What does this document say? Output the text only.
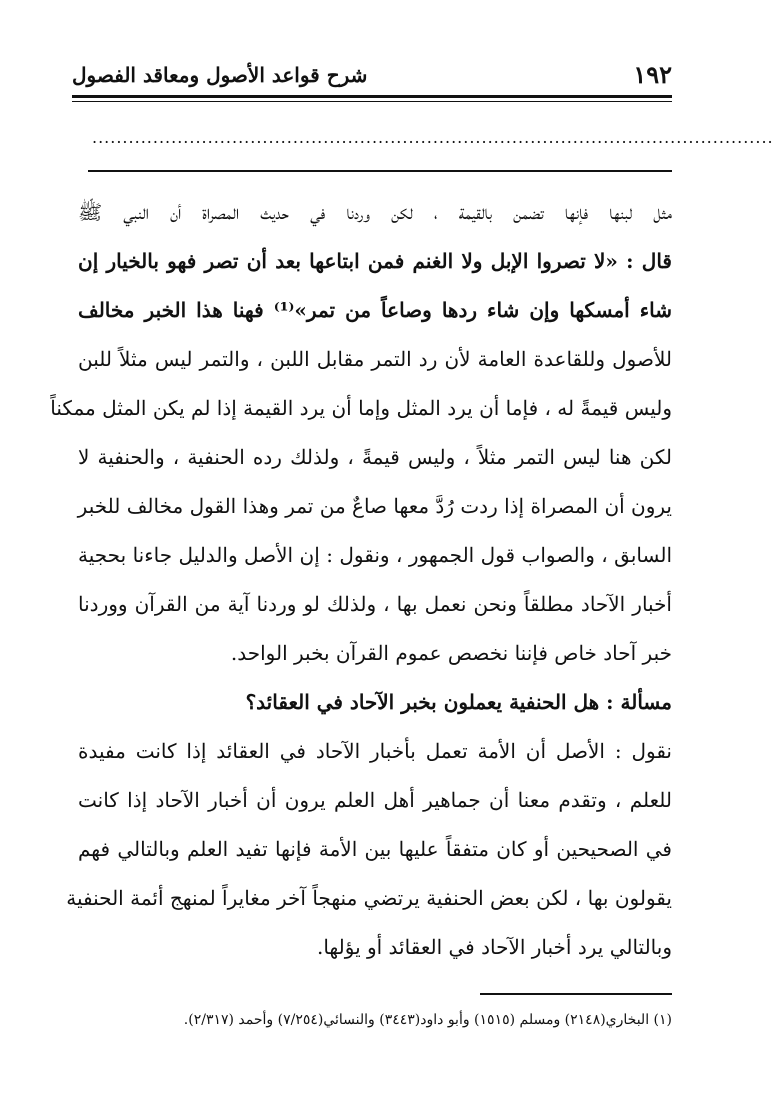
١٩٢
شرح قواعد الأصول ومعاقد الفصول
................................................................................................................
مثل لبنها فإنها تضمن بالقيمة ، لكن وردنا في حديث المصراة أن النبي ﷺ
قال : «لا تصروا الإبل ولا الغنم فمن ابتاعها بعد أن تصر فهو بالخيار إن
شاء أمسكها وإن شاء ردها وصاعاً من تمر»⁽¹⁾ فهنا هذا الخبر مخالف
للأصول وللقاعدة العامة لأن رد التمر مقابل اللبن ، والتمر ليس مثلاً للبن
وليس قيمةً له ، فإما أن يرد المثل وإما أن يرد القيمة إذا لم يكن المثل ممكناً
لكن هنا ليس التمر مثلاً ، وليس قيمةً ، ولذلك رده الحنفية ، والحنفية لا
يرون أن المصراة إذا ردت رُدَّ معها صاعٌ من تمر وهذا القول مخالف للخبر
السابق ، والصواب قول الجمهور ، ونقول : إن الأصل والدليل جاءنا بحجية
أخبار الآحاد مطلقاً ونحن نعمل بها ، ولذلك لو وردنا آية من القرآن ووردنا
خبر آحاد خاص فإننا نخصص عموم القرآن بخبر الواحد.
مسألة : هل الحنفية يعملون بخبر الآحاد في العقائد؟
نقول : الأصل أن الأمة تعمل بأخبار الآحاد في العقائد إذا كانت مفيدة
للعلم ، وتقدم معنا أن جماهير أهل العلم يرون أن أخبار الآحاد إذا كانت
في الصحيحين أو كان متفقاً عليها بين الأمة فإنها تفيد العلم وبالتالي فهم
يقولون بها ، لكن بعض الحنفية يرتضي منهجاً آخر مغايراً لمنهج أئمة الحنفية
وبالتالي يرد أخبار الآحاد في العقائد أو يؤلها.
(١) البخاري(٢١٤٨) ومسلم (١٥١٥) وأبو داود(٣٤٤٣) والنسائي(٧/٢٥٤) وأحمد (٢/٣١٧).
